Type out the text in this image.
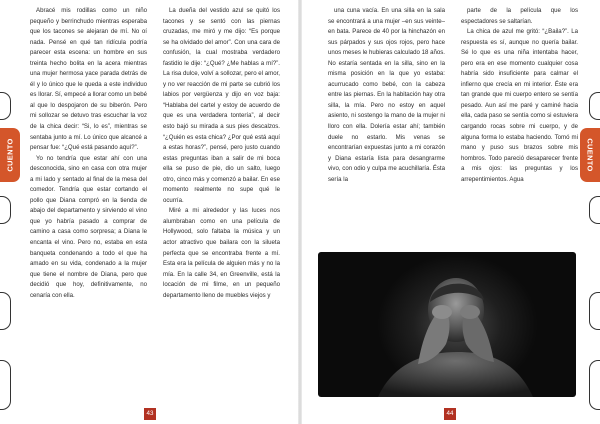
Abracé mis rodillas como un niño pequeño y berrinchudo mientras esperaba que los tacones se alejaran de mí. No oí nada. Pensé en qué tan ridícula podría parecer esta escena: un hombre en sus treinta hecho bolita en la acera mientras una mujer hermosa yace parada detrás de él y lo único que le queda a este individuo es llorar. Sí, empecé a llorar como un bebé al que lo despojaron de su biberón. Pero mi sollozar se detuvo tras escuchar la voz de la chica decir: “Si, lo es”, mientras se sentaba junto a mí. Lo único que alcancé a pensar fue: “¿Qué está pasando aquí?”.

Yo no tendría que estar ahí con una desconocida, sino en casa con otra mujer a mi lado y sentado al final de la mesa del comedor. Tendría que estar cortando el pollo que Diana compró en la tienda de abajo del departamento y sirviendo el vino que yo habría pasado a comprar de camino a casa como sorpresa; a Diana le encanta el vino. Pero no, estaba en esta banqueta condenando a todo el que ha amado en su vida, condenado a la mujer que tiene el nombre de Diana, pero que decidió que hoy, definitivamente, no cenaría con ella.

La dueña del vestido azul se quitó los tacones y se sentó con las piernas cruzadas, me miró y me dijo: “Es porque se ha olvidado del amor”. Con una cara de confusión, la cual mostraba verdadero fastidio le dije: “¿Qué? ¿Me hablas a mí?”. La risa dulce, volví a sollozar, pero el amor, y no ver reacción de mi parte se cubrió los labios por vergüenza y dijo en voz baja: “Hablaba del cartel y estoy de acuerdo de que es una verdadera tontería”, al decir esto bajó su mirada a sus pies descalzos. “¿Quién es esta chica? ¿Por qué está aquí a estas horas?”, pensé, pero justo cuando estas preguntas iban a salir de mi boca ella se puso de pie, dio un salto, luego otro, cinco más y comenzó a bailar. En ese momento realmente no supe qué le ocurría.

Miré a mi alrededor y las luces nos alumbraban como en una película de Hollywood, solo faltaba la música y un actor atractivo que bailara con la silueta perfecta que se encontraba frente a mí. Esta era la película de alguien más y no la mía. En la calle 34, en Greenville, está la locación de mi filme, en un pequeño departamento lleno de muebles viejos y

una cuna vacía. En una silla en la sala se encontrará a una mujer –en sus veinte– en bata. Parece de 40 por la hinchazón en sus párpados y sus ojos rojos, pero hace unos meses le hubieras calculado 18 años. No estaría sentada en la silla, sino en la misma posición en la que yo estaba: acurrucado como bebé, con la cabeza entre las piernas. En la habitación hay otra silla, la mía. Pero no estoy en aquel asiento, ni sostengo la mano de la mujer ni lloro con ella. Dolería estar ahí; también duele no estarlo. Mis venas se encontrarían expuestas junto a mi corazón y Diana estaría lista para desangrarme vivo, con odio y culpa me acuchillaría. Ésta sería la

parte de la película que los espectadores se saltarían.

La chica de azul me gritó: “¿Baila?”. La respuesta es sí, aunque no quería bailar. Sé lo que es una niña intentaba hacer, pero era en ese momento cualquier cosa habría sido insuficiente para calmar el infierno que crecía en mi interior. Éste era tan grande que mi cuerpo entero se sentía pesado. Aun así me paré y caminé hacia ella, cada paso se sentía como si estuviera cargando rocas sobre mi cuerpo, y de alguna forma lo estaba haciendo. Tomó mi mano y puso sus brazos sobre mis hombros. Todo pareció desaparecer frente a mis ojos: las preguntas y los arrepentimientos. Agua

CUENTO	CUENTO
43	44
